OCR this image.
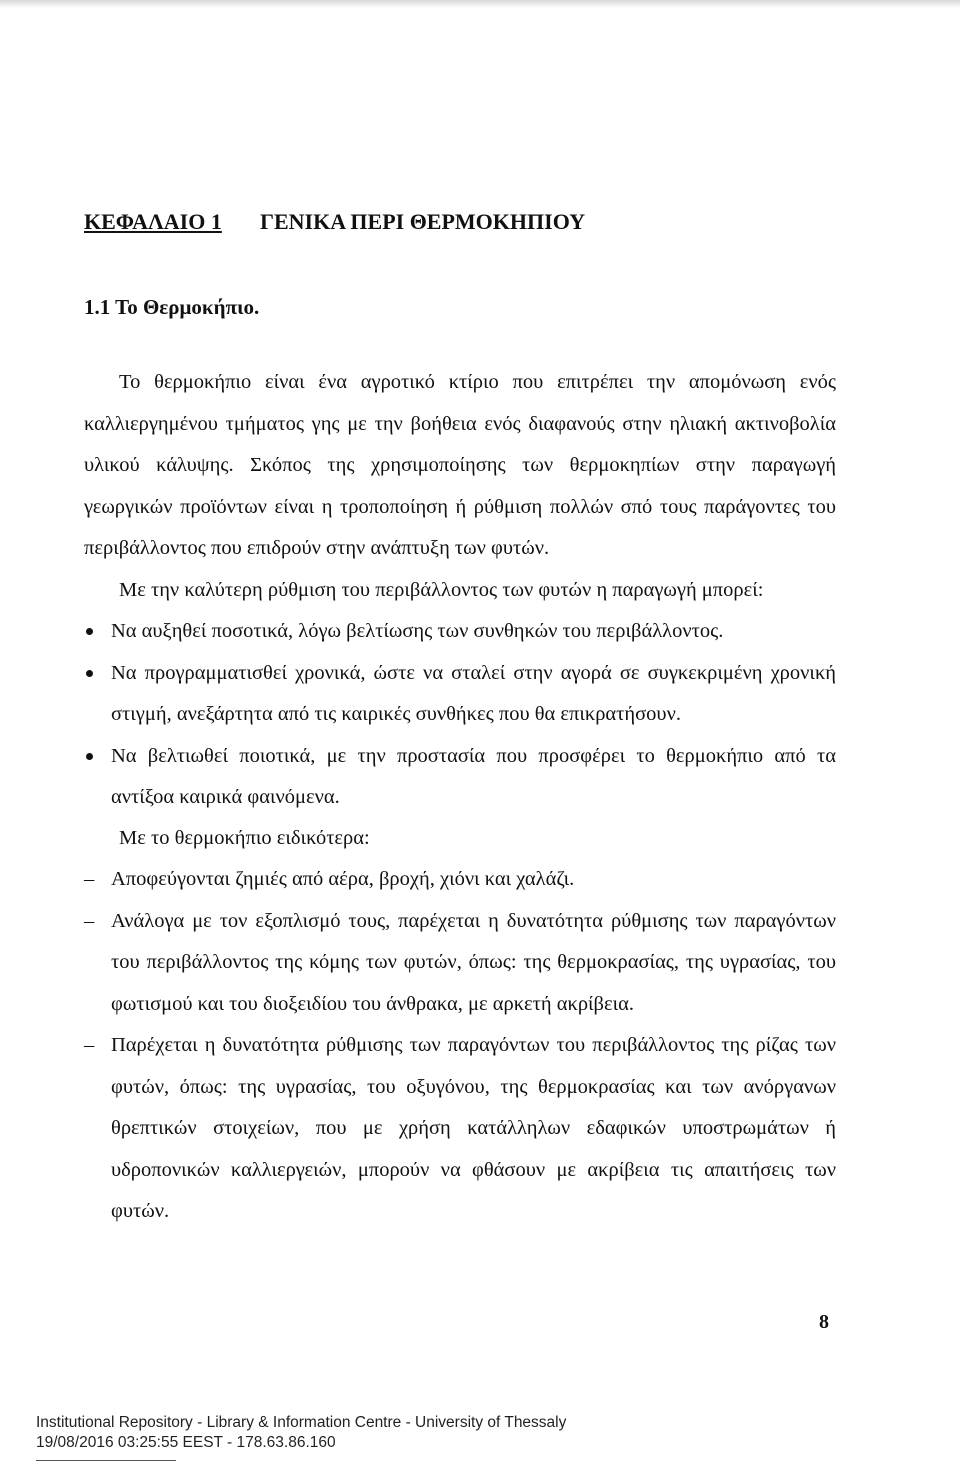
ΚΕΦΑΛΑΙΟ 1 ΓΕΝΙΚΑ ΠΕΡΙ ΘΕΡΜΟΚΗΠΙΟΥ
1.1 Το Θερμοκήπιο.

Το θερμοκήπιο είναι ένα αγροτικό κτίριο που επιτρέπει την απομόνωση ενός καλλιεργημένου τμήματος γης με την βοήθεια ενός διαφανούς στην ηλιακή ακτινοβολία υλικού κάλυψης. Σκόπος της χρησιμοποίησης των θερμοκηπίων στην παραγωγή γεωργικών προϊόντων είναι η τροποποίηση ή ρύθμιση πολλών σπό τους παράγοντες του περιβάλλοντος που επιδρούν στην ανάπτυξη των φυτών.

Με την καλύτερη ρύθμιση του περιβάλλοντος των φυτών η παραγωγή μπορεί:

Να αυξηθεί ποσοτικά, λόγω βελτίωσης των συνθηκών του περιβάλλοντος.
Να προγραμματισθεί χρονικά, ώστε να σταλεί στην αγορά σε συγκεκριμένη χρονική στιγμή, ανεξάρτητα από τις καιρικές συνθήκες που θα επικρατήσουν.
Να βελτιωθεί ποιοτικά, με την προστασία που προσφέρει το θερμοκήπιο από τα αντίξοα καιρικά φαινόμενα.

Με το θερμοκήπιο ειδικότερα:

– Αποφεύγονται ζημιές από αέρα, βροχή, χιόνι και χαλάζι.
– Ανάλογα με τον εξοπλισμό τους, παρέχεται η δυνατότητα ρύθμισης των παραγόντων του περιβάλλοντος της κόμης των φυτών, όπως: της θερμοκρασίας, της υγρασίας, του φωτισμού και του διοξειδίου του άνθρακα, με αρκετή ακρίβεια.
– Παρέχεται η δυνατότητα ρύθμισης των παραγόντων του περιβάλλοντος της ρίζας των φυτών, όπως: της υγρασίας, του οξυγόνου, της θερμοκρασίας και των ανόργανων θρεπτικών στοιχείων, που με χρήση κατάλληλων εδαφικών υποστρωμάτων ή υδροπονικών καλλιεργειών, μπορούν να φθάσουν με ακρίβεια τις απαιτήσεις των φυτών.
8
Institutional Repository - Library & Information Centre - University of Thessaly
19/08/2016 03:25:55 EEST - 178.63.86.160
